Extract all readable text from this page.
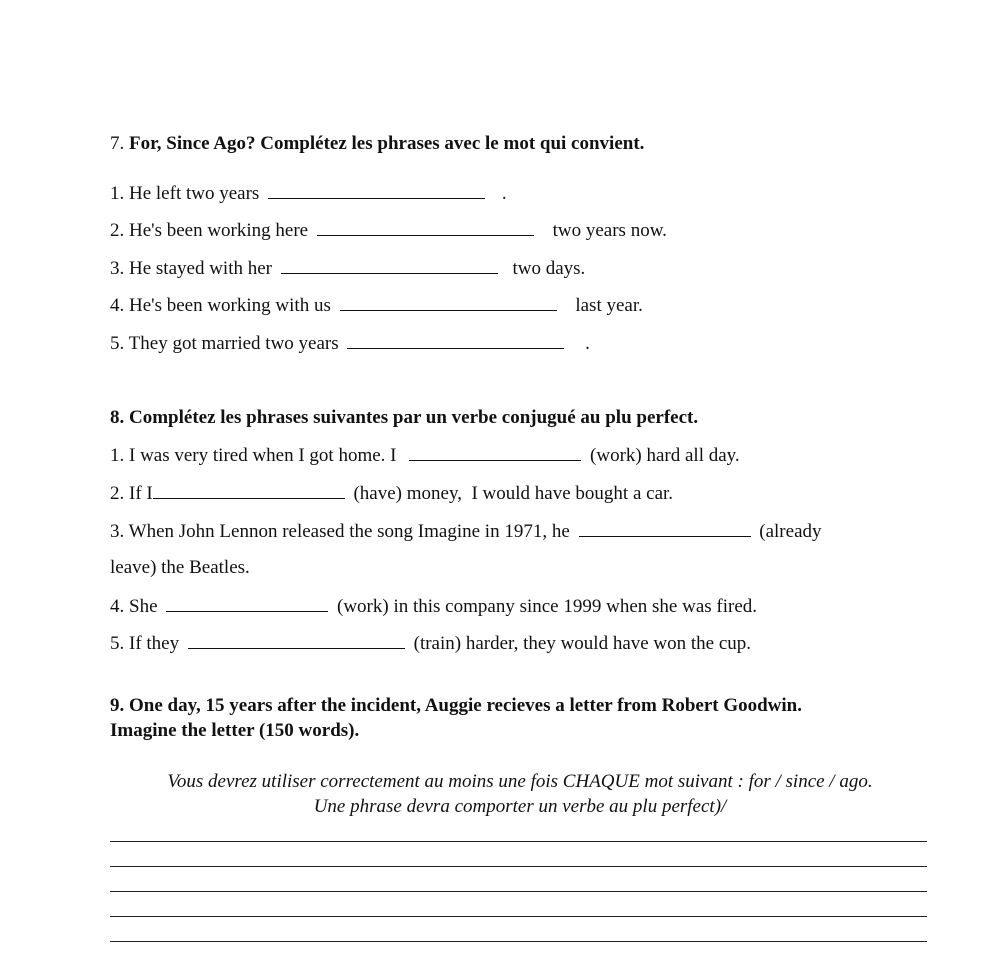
7. For, Since Ago? Complétez les phrases avec le mot qui convient.
1. He left two years	.
2. He's been working here	two years now.
3. He stayed with her	two days.
4. He's been working with us	last year.
5. They got married two years	.
8. Complétez les phrases suivantes par un verbe conjugué au plu perfect.
1. I was very tired when I got home. I	(work) hard all day.
2. If I	(have) money,  I would have bought a car.
3. When John Lennon released the song Imagine in 1971, he	(already
leave) the Beatles.
4. She	(work) in this company since 1999 when she was fired.
5. If they	(train) harder, they would have won the cup.
9. One day, 15 years after the incident, Auggie recieves a letter from Robert Goodwin.
Imagine the letter (150 words).
Vous devrez utiliser correctement au moins une fois CHAQUE mot suivant : for / since / ago.
Une phrase devra comporter un verbe au plu perfect)/
